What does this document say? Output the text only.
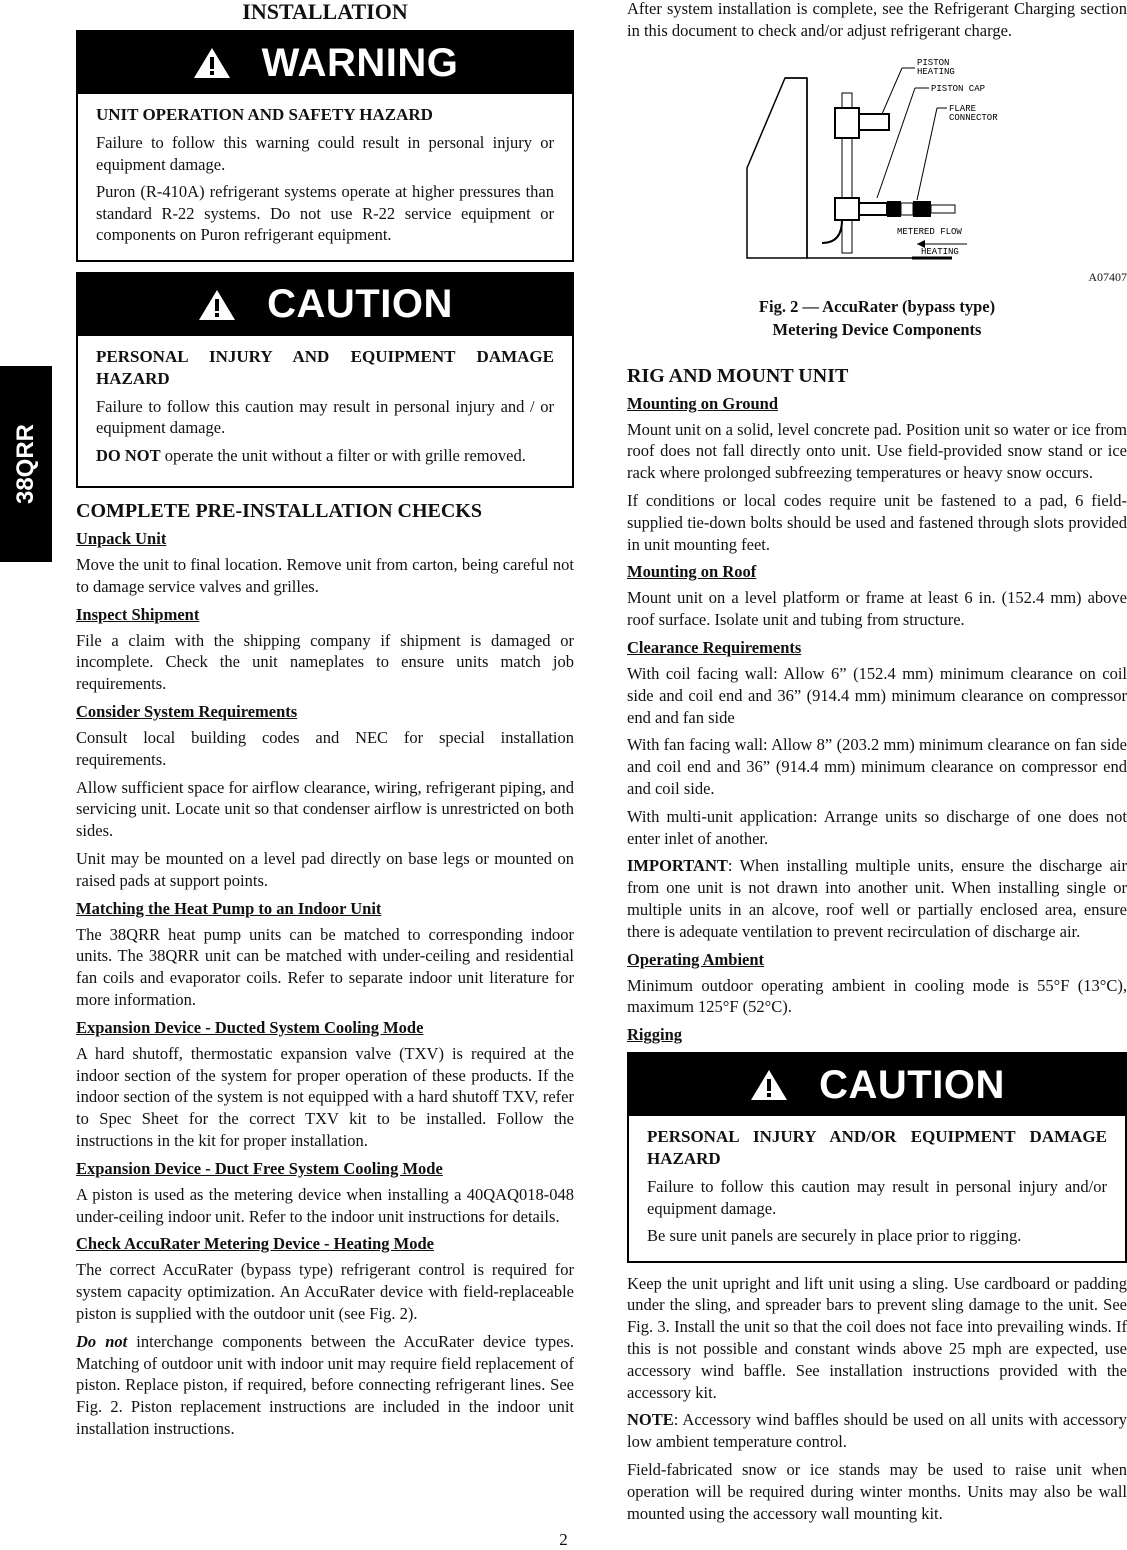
38QRR
INSTALLATION
WARNING
UNIT OPERATION AND SAFETY HAZARD

Failure to follow this warning could result in personal injury or equipment damage.

Puron (R-410A) refrigerant systems operate at higher pressures than standard R-22 systems. Do not use R-22 service equipment or components on Puron refrigerant equipment.

CAUTION
PERSONAL INJURY AND EQUIPMENT DAMAGE HAZARD

Failure to follow this caution may result in personal injury and / or equipment damage.

DO NOT operate the unit without a filter or with grille removed.

COMPLETE PRE-INSTALLATION CHECKS
Unpack Unit

Move the unit to final location. Remove unit from carton, being careful not to damage service valves and grilles.

Inspect Shipment

File a claim with the shipping company if shipment is damaged or incomplete. Check the unit nameplates to ensure units match job requirements.

Consider System Requirements

Consult local building codes and NEC for special installation requirements.

Allow sufficient space for airflow clearance, wiring, refrigerant piping, and servicing unit. Locate unit so that condenser airflow is unrestricted on both sides.

Unit may be mounted on a level pad directly on base legs or mounted on raised pads at support points.

Matching the Heat Pump to an Indoor Unit

The 38QRR heat pump units can be matched to corresponding indoor units. The 38QRR unit can be matched with under-ceiling and residential fan coils and evaporator coils. Refer to separate indoor unit literature for more information.

Expansion Device - Ducted System Cooling Mode

A hard shutoff, thermostatic expansion valve (TXV) is required at the indoor section of the system for proper operation of these products. If the indoor section of the system is not equipped with a hard shutoff TXV, refer to Spec Sheet for the correct TXV kit to be installed. Follow the instructions in the kit for proper installation.

Expansion Device - Duct Free System Cooling Mode

A piston is used as the metering device when installing a 40QAQ018-048 under-ceiling indoor unit. Refer to the indoor unit instructions for details.

Check AccuRater Metering Device - Heating Mode

The correct AccuRater (bypass type) refrigerant control is required for system capacity optimization. An AccuRater device with field-replaceable piston is supplied with the outdoor unit (see Fig. 2).

Do not interchange components between the AccuRater device types. Matching of outdoor unit with indoor unit may require field replacement of piston. Replace piston, if required, before connecting refrigerant lines. See Fig. 2. Piston replacement instructions are included in the indoor unit installation instructions.

After system installation is complete, see the Refrigerant Charging section in this document to check and/or adjust refrigerant charge.

PISTON
HEATING
PISTON CAP
FLARE
CONNECTOR
METERED FLOW
HEATING
A07407
Fig. 2 — AccuRater (bypass type)
Metering Device Components
RIG AND MOUNT UNIT
Mounting on Ground

Mount unit on a solid, level concrete pad. Position unit so water or ice from roof does not fall directly onto unit. Use field-provided snow stand or ice rack where prolonged subfreezing temperatures or heavy snow occurs.

If conditions or local codes require unit be fastened to a pad, 6 field-supplied tie-down bolts should be used and fastened through slots provided in unit mounting feet.

Mounting on Roof

Mount unit on a level platform or frame at least 6 in. (152.4 mm) above roof surface. Isolate unit and tubing from structure.

Clearance Requirements

With coil facing wall: Allow 6” (152.4 mm) minimum clearance on coil side and coil end and 36” (914.4 mm) minimum clearance on compressor end and fan side

With fan facing wall: Allow 8” (203.2 mm) minimum clearance on fan side and coil end and 36” (914.4 mm) minimum clearance on compressor end and coil side.

With multi-unit application: Arrange units so discharge of one does not enter inlet of another.

IMPORTANT: When installing multiple units, ensure the discharge air from one unit is not drawn into another unit. When installing single or multiple units in an alcove, roof well or partially enclosed area, ensure there is adequate ventilation to prevent recirculation of discharge air.

Operating Ambient

Minimum outdoor operating ambient in cooling mode is 55°F (13°C), maximum 125°F (52°C).

Rigging
CAUTION
PERSONAL INJURY AND/OR EQUIPMENT DAMAGE HAZARD

Failure to follow this caution may result in personal injury and/or equipment damage.

Be sure unit panels are securely in place prior to rigging.

Keep the unit upright and lift unit using a sling. Use cardboard or padding under the sling, and spreader bars to prevent sling damage to the unit. See Fig. 3. Install the unit so that the coil does not face into prevailing winds. If this is not possible and constant winds above 25 mph are expected, use accessory wind baffle. See installation instructions provided with the accessory kit.

NOTE: Accessory wind baffles should be used on all units with accessory low ambient temperature control.

Field-fabricated snow or ice stands may be used to raise unit when operation will be required during winter months. Units may also be wall mounted using the accessory wall mounting kit.

2
